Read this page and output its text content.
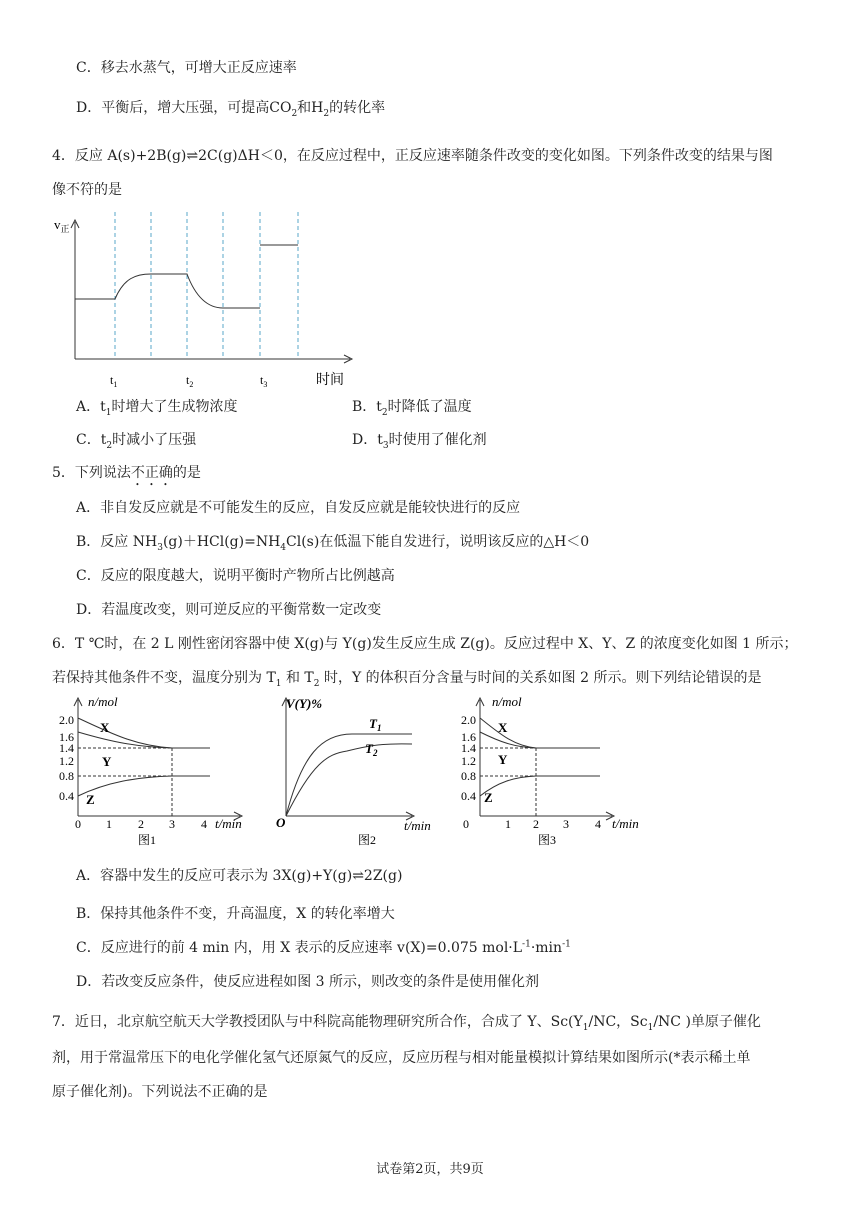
C．移去水蒸气，可增大正反应速率
D．平衡后，增大压强，可提高$CO_2$和$H_2$的转化率
4．反应 A(s)+2B(g)⇌2C(g)ΔH＜0，在反应过程中，正反应速率随条件改变的变化如图。下列条件改变的结果与图
像不符的是
$v_正$
$t_1$	$t_2$	$t_3$	时间
A．$t_1$时增大了生成物浓度	B．$t_2$时降低了温度
C．$t_2$时减小了压强	D．$t_3$时使用了催化剂
5．下列说法不正确的是
A．非自发反应就是不可能发生的反应，自发反应就是能较快进行的反应
B．反应 $NH_3(g)+HCl(g)=NH_4Cl(s)$在低温下能自发进行，说明该反应的△H＜0
C．反应的限度越大，说明平衡时产物所占比例越高
D．若温度改变，则可逆反应的平衡常数一定改变
6．T ℃时，在 2 L 刚性密闭容器中使 X(g)与 Y(g)发生反应生成 Z(g)。反应过程中 X、Y、Z 的浓度变化如图 1 所示；
若保持其他条件不变，温度分别为 $T_1$ 和 $T_2$ 时，Y 的体积百分含量与时间的关系如图 2 所示。则下列结论错误的是
n/mol
2.0
1.6
1.4
1.2
0.8
0.4
0 1 2 3 4 t/min
X
Y
Z
图1
V(Y)%
$T_1$
$T_2$
O	t/min
图2
n/mol
2.0
1.6
1.4
1.2
0.8
0.4
0	1 2 3 4 t/min
X
Y
Z
图3
A．容器中发生的反应可表示为 3X(g)+Y(g)⇌2Z(g)
B．保持其他条件不变，升高温度，X 的转化率增大
C．反应进行的前 4 min 内，用 X 表示的反应速率 v(X)=0.075 $mol\cdot L^{-1}\cdot\min^{-1}$
D．若改变反应条件，使反应进程如图 3 所示，则改变的条件是使用催化剂
7．近日，北京航空航天大学教授团队与中科院高能物理研究所合作，合成了 Y、$Sc(Y_1/NC$，$Sc_1/NC$ )单原子催化
剂，用于常温常压下的电化学催化氢气还原氮气的反应，反应历程与相对能量模拟计算结果如图所示(*表示稀土单
原子催化剂)。下列说法不正确的是
试卷第2页，共9页
